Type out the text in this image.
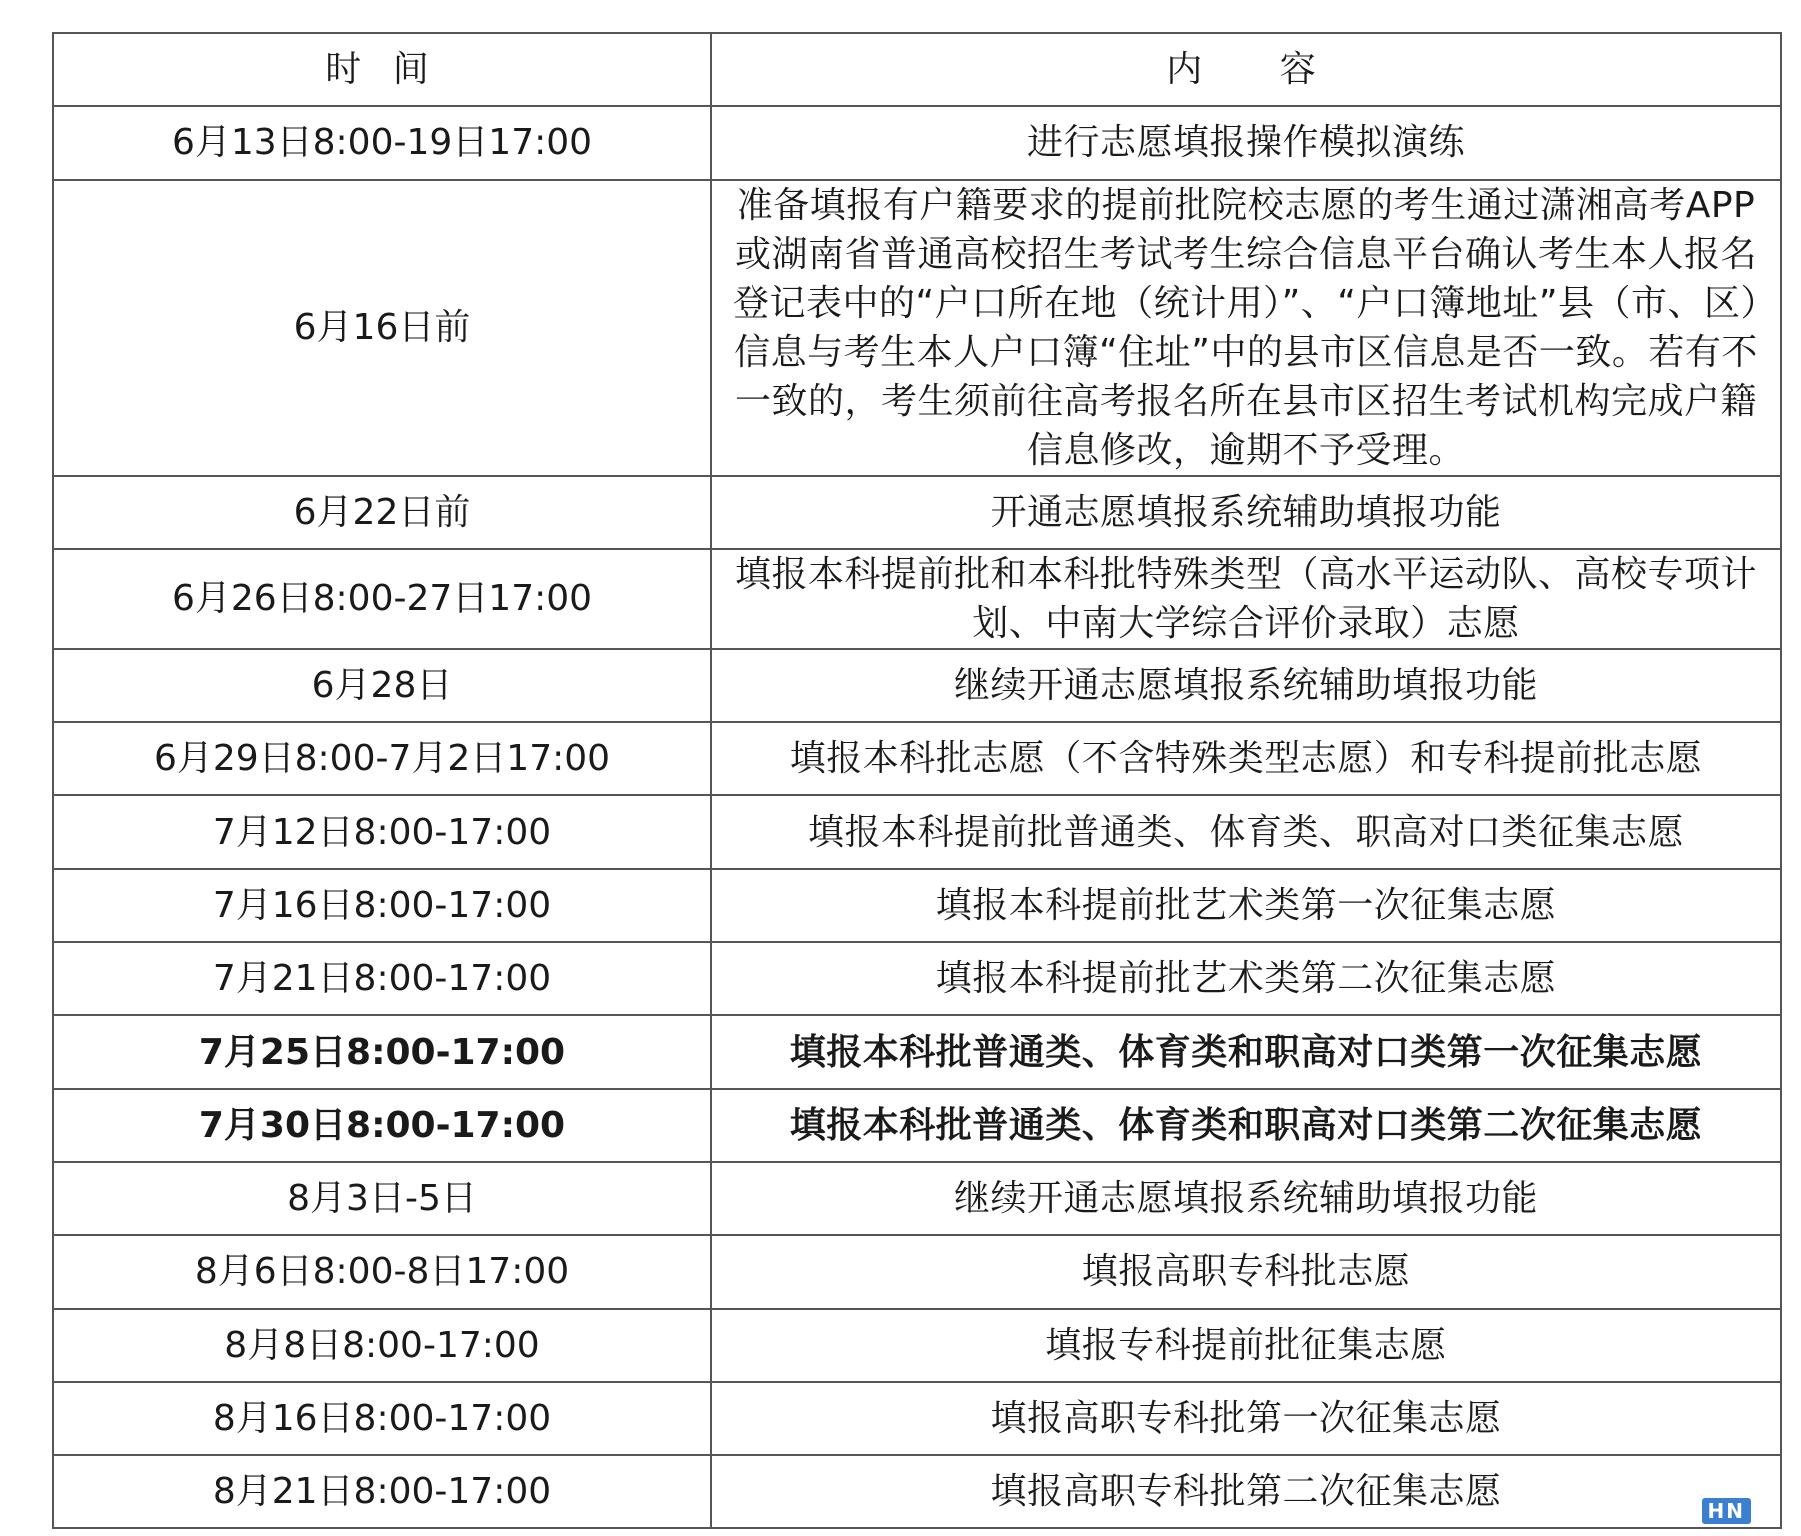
时 间	内　 容
6月13日8:00-19日17:00	进行志愿填报操作模拟演练
6月16日前	准备填报有户籍要求的提前批院校志愿的考生通过潇湘高考APP或湖南省普通高校招生考试考生综合信息平台确认考生本人报名登记表中的“户口所在地（统计用）”、“户口簿地址”县（市、区）信息与考生本人户口簿“住址”中的县市区信息是否一致。若有不一致的，考生须前往高考报名所在县市区招生考试机构完成户籍信息修改，逾期不予受理。
6月22日前	开通志愿填报系统辅助填报功能
6月26日8:00-27日17:00	填报本科提前批和本科批特殊类型（高水平运动队、高校专项计划、中南大学综合评价录取）志愿
6月28日	继续开通志愿填报系统辅助填报功能
6月29日8:00-7月2日17:00	填报本科批志愿（不含特殊类型志愿）和专科提前批志愿
7月12日8:00-17:00	填报本科提前批普通类、体育类、职高对口类征集志愿
7月16日8:00-17:00	填报本科提前批艺术类第一次征集志愿
7月21日8:00-17:00	填报本科提前批艺术类第二次征集志愿
7月25日8:00-17:00	填报本科批普通类、体育类和职高对口类第一次征集志愿
7月30日8:00-17:00	填报本科批普通类、体育类和职高对口类第二次征集志愿
8月3日-5日	继续开通志愿填报系统辅助填报功能
8月6日8:00-8日17:00	填报高职专科批志愿
8月8日8:00-17:00	填报专科提前批征集志愿
8月16日8:00-17:00	填报高职专科批第一次征集志愿
8月21日8:00-17:00	填报高职专科批第二次征集志愿	HN
